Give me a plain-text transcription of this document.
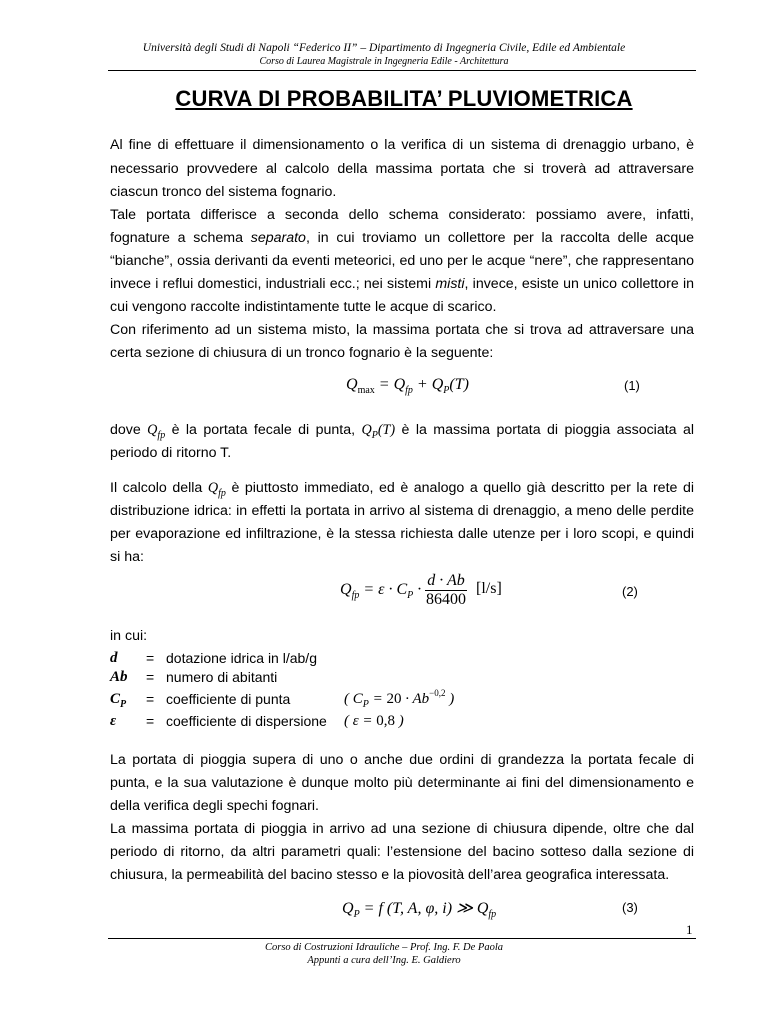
Università degli Studi di Napoli “Federico II” – Dipartimento di Ingegneria Civile, Edile ed Ambientale
Corso di Laurea Magistrale in Ingegneria Edile - Architettura
CURVA DI PROBABILITA’ PLUVIOMETRICA
Al fine di effettuare il dimensionamento o la verifica di un sistema di drenaggio urbano, è
necessario provvedere al calcolo della massima portata che si troverà ad attraversare
ciascun tronco del sistema fognario.
Tale portata differisce a seconda dello schema considerato: possiamo avere, infatti,
fognature a schema separato, in cui troviamo un collettore per la raccolta delle acque
“bianche”, ossia derivanti da eventi meteorici, ed uno per le acque “nere”, che rappresentano
invece i reflui domestici, industriali ecc.; nei sistemi misti, invece, esiste un unico collettore in
cui vengono raccolte indistintamente tutte le acque di scarico.
Con riferimento ad un sistema misto, la massima portata che si trova ad attraversare una
certa sezione di chiusura di un tronco fognario è la seguente:
$Q_{max} = Q_{fp} + Q_P(T)$	(1)
dove $Q_{fp}$ è la portata fecale di punta, $Q_P(T)$ è la massima portata di pioggia associata al
periodo di ritorno T.
Il calcolo della $Q_{fp}$ è piuttosto immediato, ed è analogo a quello già descritto per la rete di
distribuzione idrica: in effetti la portata in arrivo al sistema di drenaggio, a meno delle perdite
per evaporazione ed infiltrazione, è la stessa richiesta dalle utenze per i loro scopi, e quindi
si ha:
$Q_{fp} = \varepsilon \cdot C_P \cdot \frac{d \cdot Ab}{86400} [l/s]$	(2)
in cui:
d = dotazione idrica in l/ab/g
Ab = numero di abitanti
$C_P$ = coefficiente di punta	( $C_P = 20 \cdot Ab^{-0,2}$ )
ε = coefficiente di dispersione ( ε = 0,8 )
La portata di pioggia supera di uno o anche due ordini di grandezza la portata fecale di
punta, e la sua valutazione è dunque molto più determinante ai fini del dimensionamento e
della verifica degli spechi fognari.
La massima portata di pioggia in arrivo ad una sezione di chiusura dipende, oltre che dal
periodo di ritorno, da altri parametri quali: l’estensione del bacino sotteso dalla sezione di
chiusura, la permeabilità del bacino stesso e la piovosità dell’area geografica interessata.
$Q_P = f$ (T, A, φ, i) ≫ $Q_{fp}$	(3)
1
Corso di Costruzioni Idrauliche – Prof. Ing. F. De Paola
Appunti a cura dell’Ing. E. Galdiero
